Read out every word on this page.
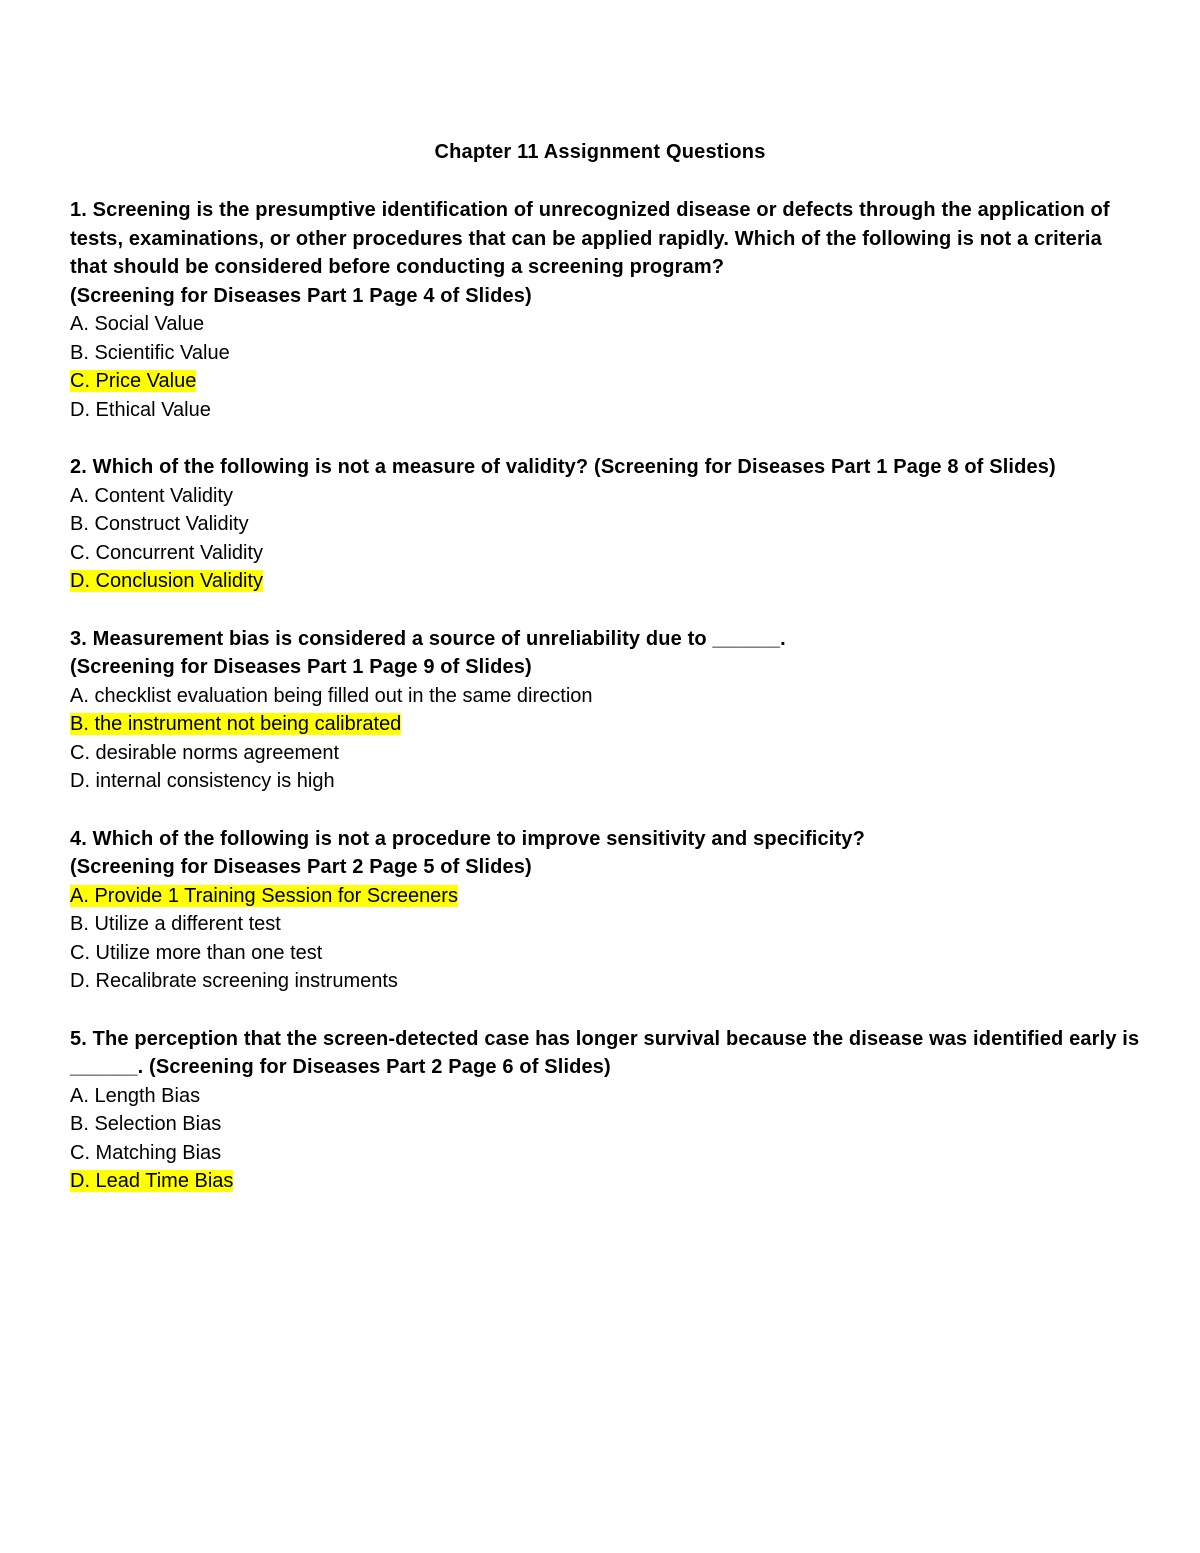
Chapter 11 Assignment Questions

1. Screening is the presumptive identification of unrecognized disease or defects through the application of tests, examinations, or other procedures that can be applied rapidly. Which of the following is not a criteria that should be considered before conducting a screening program?

(Screening for Diseases Part 1 Page 4 of Slides)

A. Social Value

B. Scientific Value

C. Price Value

D. Ethical Value

2. Which of the following is not a measure of validity? (Screening for Diseases Part 1 Page 8 of Slides)

A. Content Validity

B. Construct Validity

C. Concurrent Validity

D. Conclusion Validity

3. Measurement bias is considered a source of unreliability due to ______.

(Screening for Diseases Part 1 Page 9 of Slides)

A. checklist evaluation being filled out in the same direction

B. the instrument not being calibrated

C. desirable norms agreement

D. internal consistency is high

4. Which of the following is not a procedure to improve sensitivity and specificity?

(Screening for Diseases Part 2 Page 5 of Slides)

A. Provide 1 Training Session for Screeners

B. Utilize a different test

C. Utilize more than one test

D. Recalibrate screening instruments

5. The perception that the screen-detected case has longer survival because the disease was identified early is ______. (Screening for Diseases Part 2 Page 6 of Slides)

A. Length Bias

B. Selection Bias

C. Matching Bias

D. Lead Time Bias
